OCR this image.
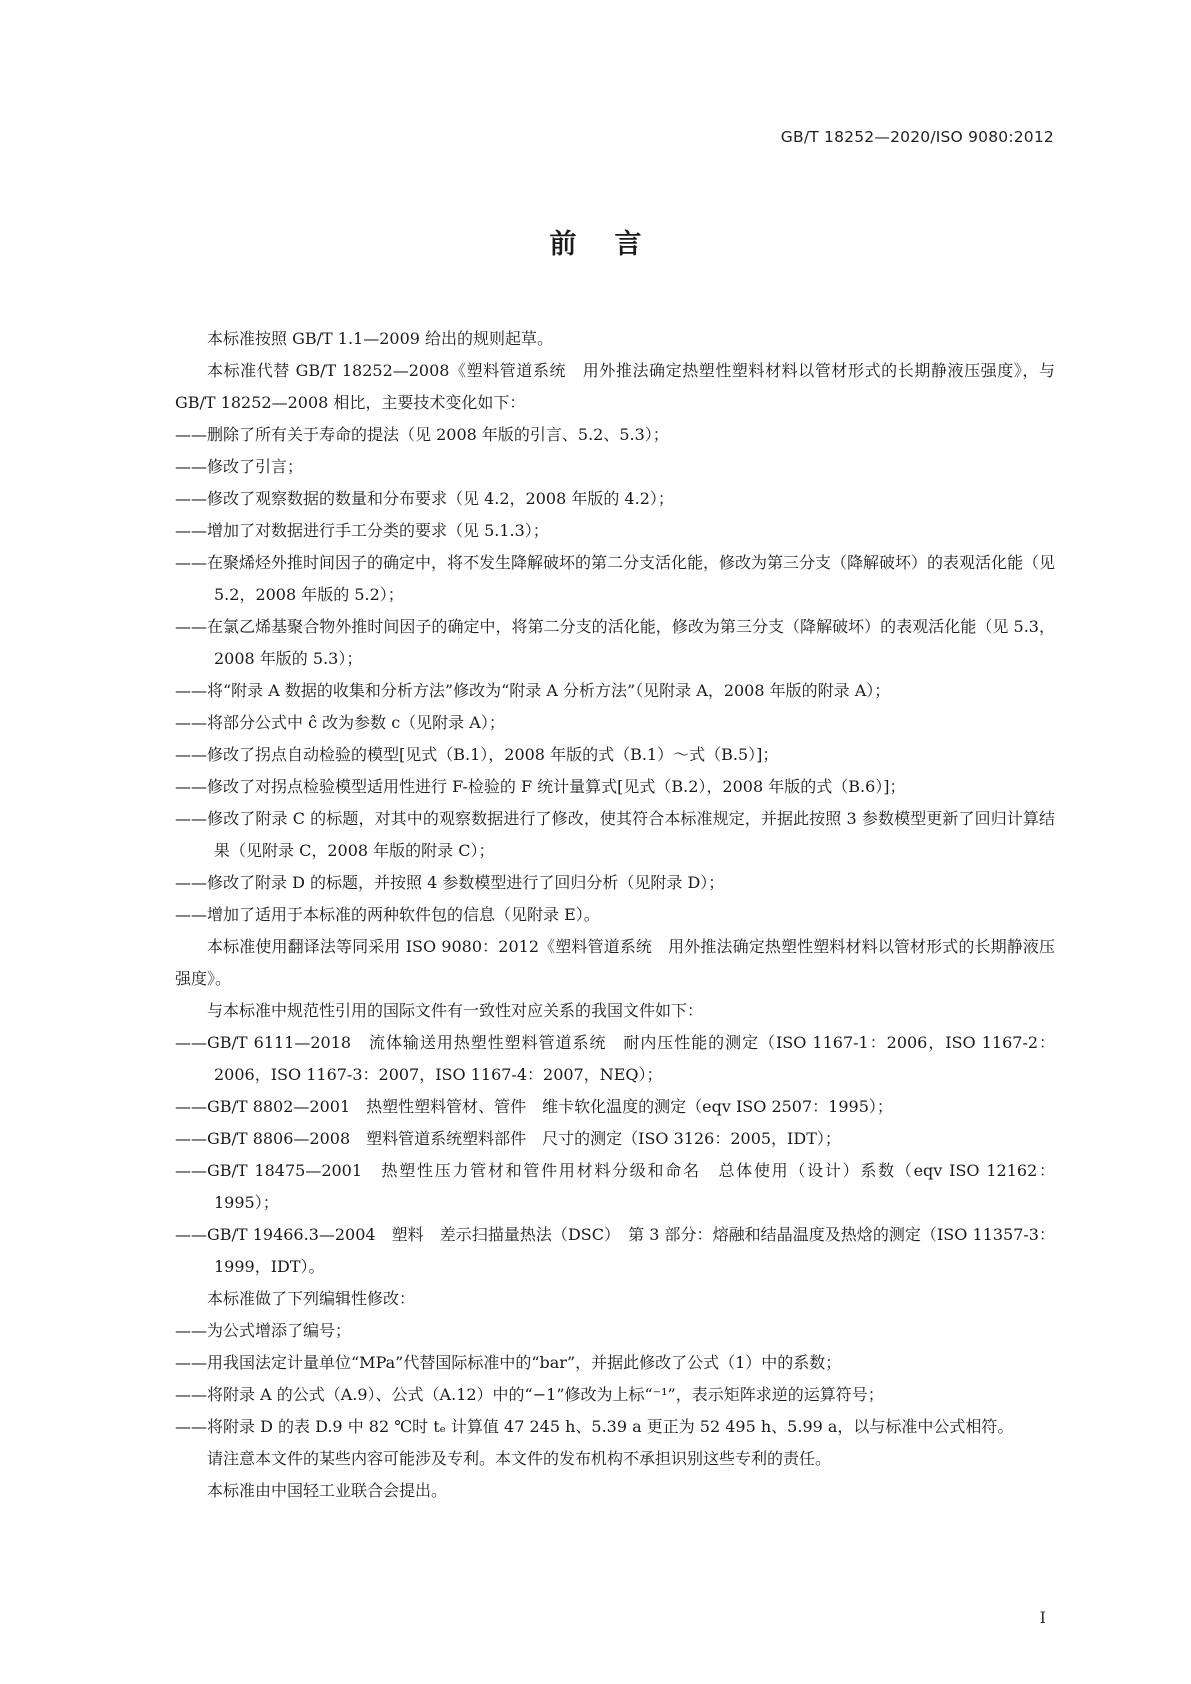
GB/T 18252—2020/ISO 9080:2012
前言

本标准按照 GB/T 1.1—2009 给出的规则起草。

本标准代替 GB/T 18252—2008《塑料管道系统　用外推法确定热塑性塑料材料以管材形式的长期静液压强度》，与 GB/T 18252—2008 相比，主要技术变化如下：

——删除了所有关于寿命的提法（见 2008 年版的引言、5.2、5.3）；

——修改了引言；

——修改了观察数据的数量和分布要求（见 4.2，2008 年版的 4.2）；

——增加了对数据进行手工分类的要求（见 5.1.3）；

——在聚烯烃外推时间因子的确定中，将不发生降解破坏的第二分支活化能，修改为第三分支（降解破坏）的表观活化能（见 5.2，2008 年版的 5.2）；

——在氯乙烯基聚合物外推时间因子的确定中，将第二分支的活化能，修改为第三分支（降解破坏）的表观活化能（见 5.3，2008 年版的 5.3）；

——将“附录 A 数据的收集和分析方法”修改为“附录 A 分析方法”（见附录 A，2008 年版的附录 A）；

——将部分公式中 ĉ 改为参数 c（见附录 A）；

——修改了拐点自动检验的模型[见式（B.1），2008 年版的式（B.1）～式（B.5）]；

——修改了对拐点检验模型适用性进行 F-检验的 F 统计量算式[见式（B.2），2008 年版的式（B.6）]；

——修改了附录 C 的标题，对其中的观察数据进行了修改，使其符合本标准规定，并据此按照 3 参数模型更新了回归计算结果（见附录 C，2008 年版的附录 C）；

——修改了附录 D 的标题，并按照 4 参数模型进行了回归分析（见附录 D）；

——增加了适用于本标准的两种软件包的信息（见附录 E）。

本标准使用翻译法等同采用 ISO 9080：2012《塑料管道系统　用外推法确定热塑性塑料材料以管材形式的长期静液压强度》。

与本标准中规范性引用的国际文件有一致性对应关系的我国文件如下：

——GB/T 6111—2018　流体输送用热塑性塑料管道系统　耐内压性能的测定（ISO 1167-1：2006，ISO 1167-2：2006，ISO 1167-3：2007，ISO 1167-4：2007，NEQ）；

——GB/T 8802—2001　热塑性塑料管材、管件　维卡软化温度的测定（eqv ISO 2507：1995）；

——GB/T 8806—2008　塑料管道系统塑料部件　尺寸的测定（ISO 3126：2005，IDT）；

——GB/T 18475—2001　热塑性压力管材和管件用材料分级和命名　总体使用（设计）系数（eqv ISO 12162：1995）；

——GB/T 19466.3—2004　塑料　差示扫描量热法（DSC）　第 3 部分：熔融和结晶温度及热焓的测定（ISO 11357-3：1999，IDT）。

本标准做了下列编辑性修改：

——为公式增添了编号；

——用我国法定计量单位“MPa”代替国际标准中的“bar”，并据此修改了公式（1）中的系数；

——将附录 A 的公式（A.9）、公式（A.12）中的“−1”修改为上标“⁻¹”，表示矩阵求逆的运算符号；

——将附录 D 的表 D.9 中 82 ℃时 tₑ 计算值 47 245 h、5.39 a 更正为 52 495 h、5.99 a，以与标准中公式相符。

请注意本文件的某些内容可能涉及专利。本文件的发布机构不承担识别这些专利的责任。

本标准由中国轻工业联合会提出。

I
